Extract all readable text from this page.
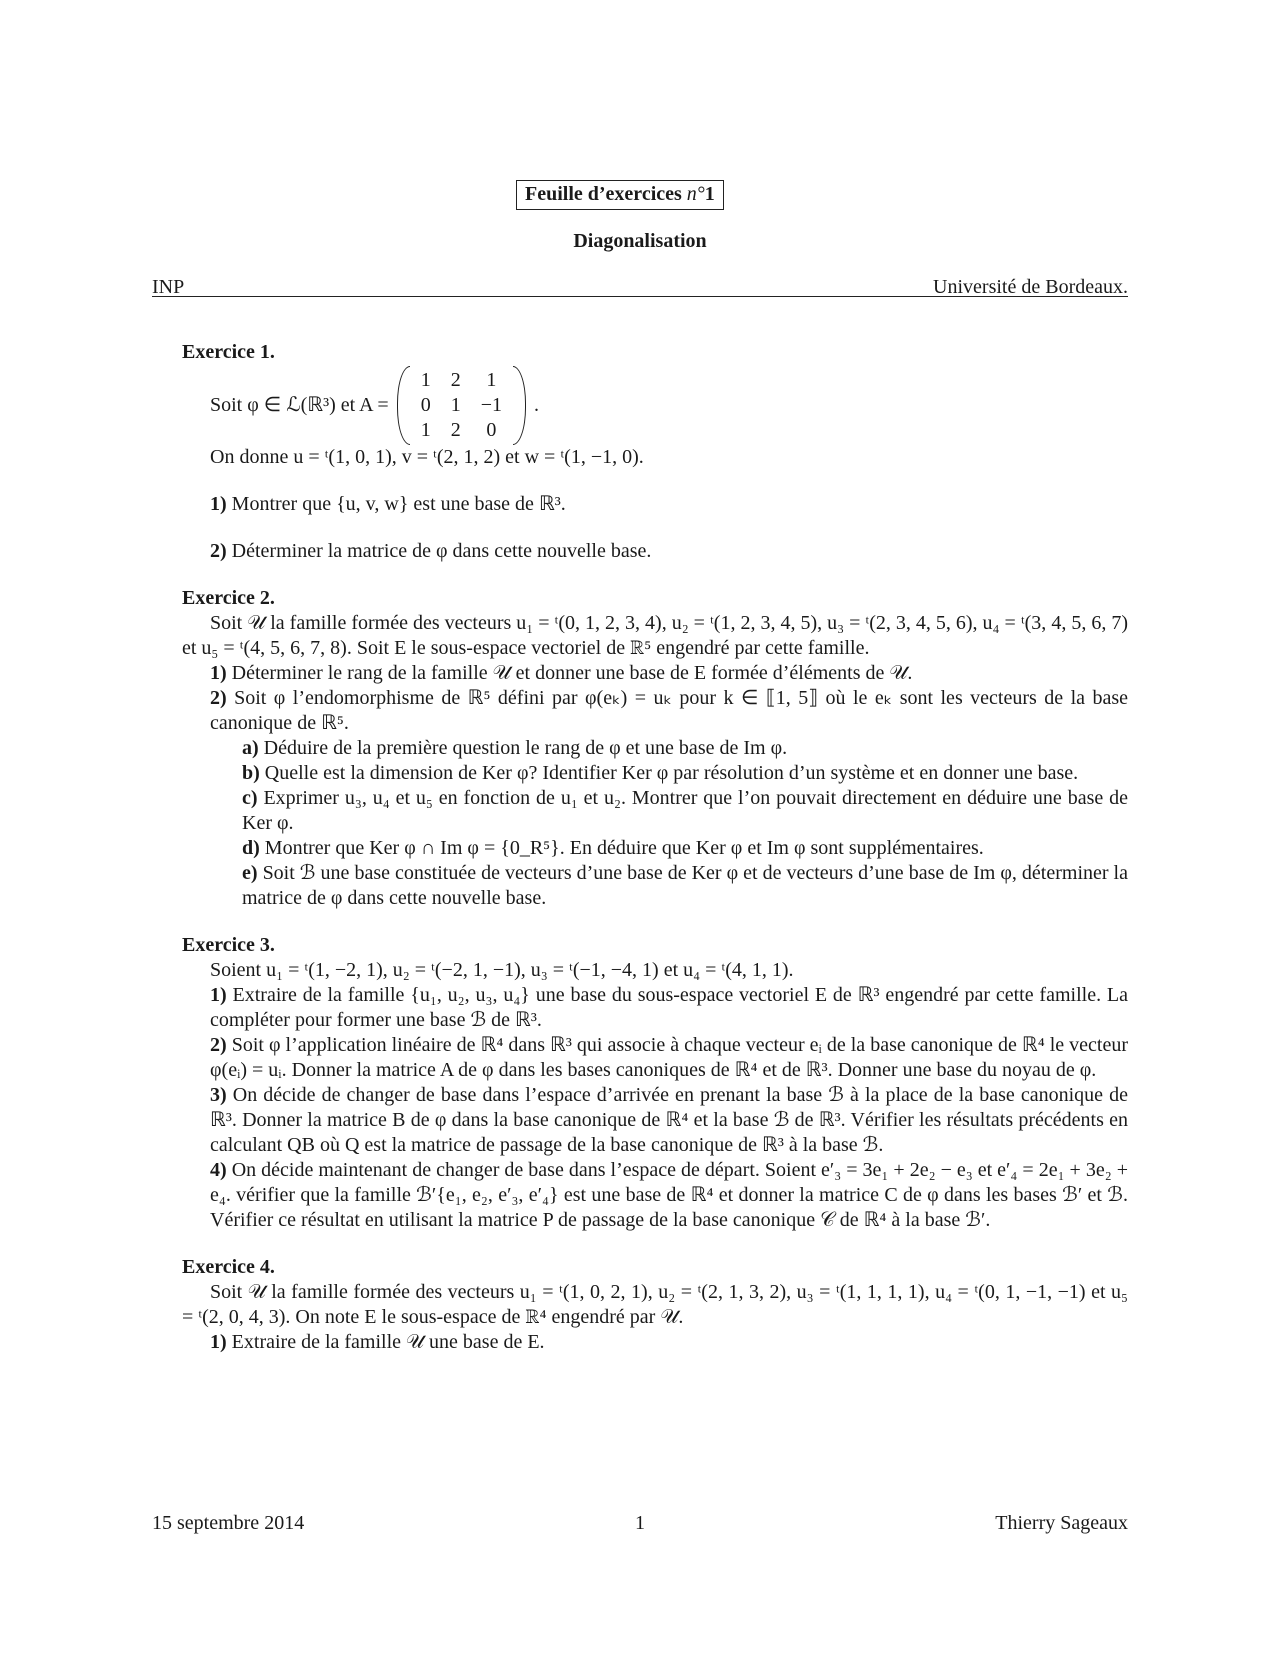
Feuille d’exercices n°1
Diagonalisation
INP	Université de Bordeaux.
Exercice 1.
Soit φ ∈ ℒ(ℝ³) et A =
1	2	1
0	1	−1
1	2	0
.

On donne u = ᵗ(1, 0, 1), v = ᵗ(2, 1, 2) et w = ᵗ(1, −1, 0).

1) Montrer que {u, v, w} est une base de ℝ³.

2) Déterminer la matrice de φ dans cette nouvelle base.

Exercice 2.

Soit 𝒰 la famille formée des vecteurs u₁ = ᵗ(0, 1, 2, 3, 4), u₂ = ᵗ(1, 2, 3, 4, 5), u₃ = ᵗ(2, 3, 4, 5, 6), u₄ = ᵗ(3, 4, 5, 6, 7) et u₅ = ᵗ(4, 5, 6, 7, 8). Soit E le sous-espace vectoriel de ℝ⁵ engendré par cette famille.

1) Déterminer le rang de la famille 𝒰 et donner une base de E formée d’éléments de 𝒰.

2) Soit φ l’endomorphisme de ℝ⁵ défini par φ(eₖ) = uₖ pour k ∈ ⟦1, 5⟧ où le eₖ sont les vecteurs de la base canonique de ℝ⁵.

a) Déduire de la première question le rang de φ et une base de Im φ.

b) Quelle est la dimension de Ker φ? Identifier Ker φ par résolution d’un système et en donner une base.

c) Exprimer u₃, u₄ et u₅ en fonction de u₁ et u₂. Montrer que l’on pouvait directement en déduire une base de Ker φ.

d) Montrer que Ker φ ∩ Im φ = {0_R⁵}. En déduire que Ker φ et Im φ sont supplémentaires.

e) Soit ℬ une base constituée de vecteurs d’une base de Ker φ et de vecteurs d’une base de Im φ, déterminer la matrice de φ dans cette nouvelle base.

Exercice 3.

Soient u₁ = ᵗ(1, −2, 1), u₂ = ᵗ(−2, 1, −1), u₃ = ᵗ(−1, −4, 1) et u₄ = ᵗ(4, 1, 1).

1) Extraire de la famille {u₁, u₂, u₃, u₄} une base du sous-espace vectoriel E de ℝ³ engendré par cette famille. La compléter pour former une base ℬ de ℝ³.

2) Soit φ l’application linéaire de ℝ⁴ dans ℝ³ qui associe à chaque vecteur eᵢ de la base canonique de ℝ⁴ le vecteur φ(eᵢ) = uᵢ. Donner la matrice A de φ dans les bases canoniques de ℝ⁴ et de ℝ³. Donner une base du noyau de φ.

3) On décide de changer de base dans l’espace d’arrivée en prenant la base ℬ à la place de la base canonique de ℝ³. Donner la matrice B de φ dans la base canonique de ℝ⁴ et la base ℬ de ℝ³. Vérifier les résultats précédents en calculant QB où Q est la matrice de passage de la base canonique de ℝ³ à la base ℬ.

4) On décide maintenant de changer de base dans l’espace de départ. Soient e′₃ = 3e₁ + 2e₂ − e₃ et e′₄ = 2e₁ + 3e₂ + e₄. vérifier que la famille ℬ′{e₁, e₂, e′₃, e′₄} est une base de ℝ⁴ et donner la matrice C de φ dans les bases ℬ′ et ℬ. Vérifier ce résultat en utilisant la matrice P de passage de la base canonique 𝒞 de ℝ⁴ à la base ℬ′.

Exercice 4.

Soit 𝒰 la famille formée des vecteurs u₁ = ᵗ(1, 0, 2, 1), u₂ = ᵗ(2, 1, 3, 2), u₃ = ᵗ(1, 1, 1, 1), u₄ = ᵗ(0, 1, −1, −1) et u₅ = ᵗ(2, 0, 4, 3). On note E le sous-espace de ℝ⁴ engendré par 𝒰.

1) Extraire de la famille 𝒰 une base de E.

15 septembre 2014	1	Thierry Sageaux
